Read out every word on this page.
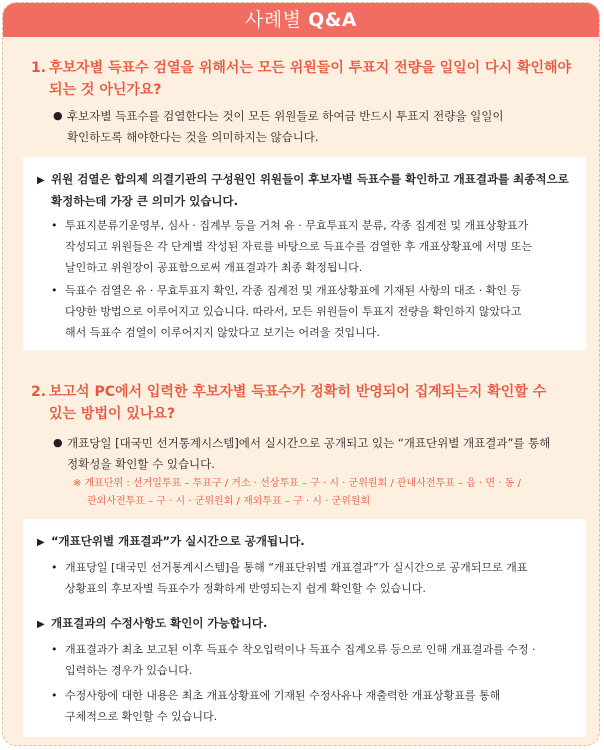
사례별 Q&A
1. 후보자별 득표수 검열을 위해서는 모든 위원들이 투표지 전량을 일일이 다시 확인해야
되는 것 아닌가요?
● 후보자별 득표수를 검열한다는 것이 모든 위원들로 하여금 반드시 투표지 전량을 일일이
확인하도록 해야한다는 것을 의미하지는 않습니다.
▶ 위원 검열은 합의제 의결기관의 구성원인 위원들이 후보자별 득표수를 확인하고 개표결과를 최종적으로
확정하는데 가장 큰 의미가 있습니다.
• 투표지분류기운영부, 심사 · 집계부 등을 거쳐 유 · 무효투표지 분류, 각종 집계전 및 개표상황표가
작성되고 위원들은 각 단계별 작성된 자료를 바탕으로 득표수를 검열한 후 개표상황표에 서명 또는
날인하고 위원장이 공표함으로써 개표결과가 최종 확정됩니다.
• 득표수 검열은 유 · 무효투표지 확인, 각종 집계전 및 개표상황표에 기재된 사항의 대조 · 확인 등
다양한 방법으로 이루어지고 있습니다. 따라서, 모든 위원들이 투표지 전량을 확인하지 않았다고
해서 득표수 검열이 이루어지지 않았다고 보기는 어려울 것입니다.
2. 보고석 PC에서 입력한 후보자별 득표수가 정확히 반영되어 집계되는지 확인할 수
있는 방법이 있나요?
● 개표당일 [대국민 선거통계시스템]에서 실시간으로 공개되고 있는 “개표단위별 개표결과”를 통해
정확성을 확인할 수 있습니다.
※ 개표단위 : 선거일투표 – 투표구 / 거소 · 선상투표 – 구 · 시 · 군위원회 / 관내사전투표 – 읍 · 면 · 동 /
관외사전투표 – 구 · 시 · 군위원회 / 재외투표 – 구 · 시 · 군위원회
▶ “개표단위별 개표결과”가 실시간으로 공개됩니다.
• 개표당일 [대국민 선거통계시스템]을 통해 “개표단위별 개표결과”가 실시간으로 공개되므로 개표
상황표의 후보자별 득표수가 정확하게 반영되는지 쉽게 확인할 수 있습니다.
▶ 개표결과의 수정사항도 확인이 가능합니다.
• 개표결과가 최초 보고된 이후 득표수 착오입력이나 득표수 집계오류 등으로 인해 개표결과를 수정 ·
입력하는 경우가 있습니다.
• 수정사항에 대한 내용은 최초 개표상황표에 기재된 수정사유나 재출력한 개표상황표를 통해
구체적으로 확인할 수 있습니다.
